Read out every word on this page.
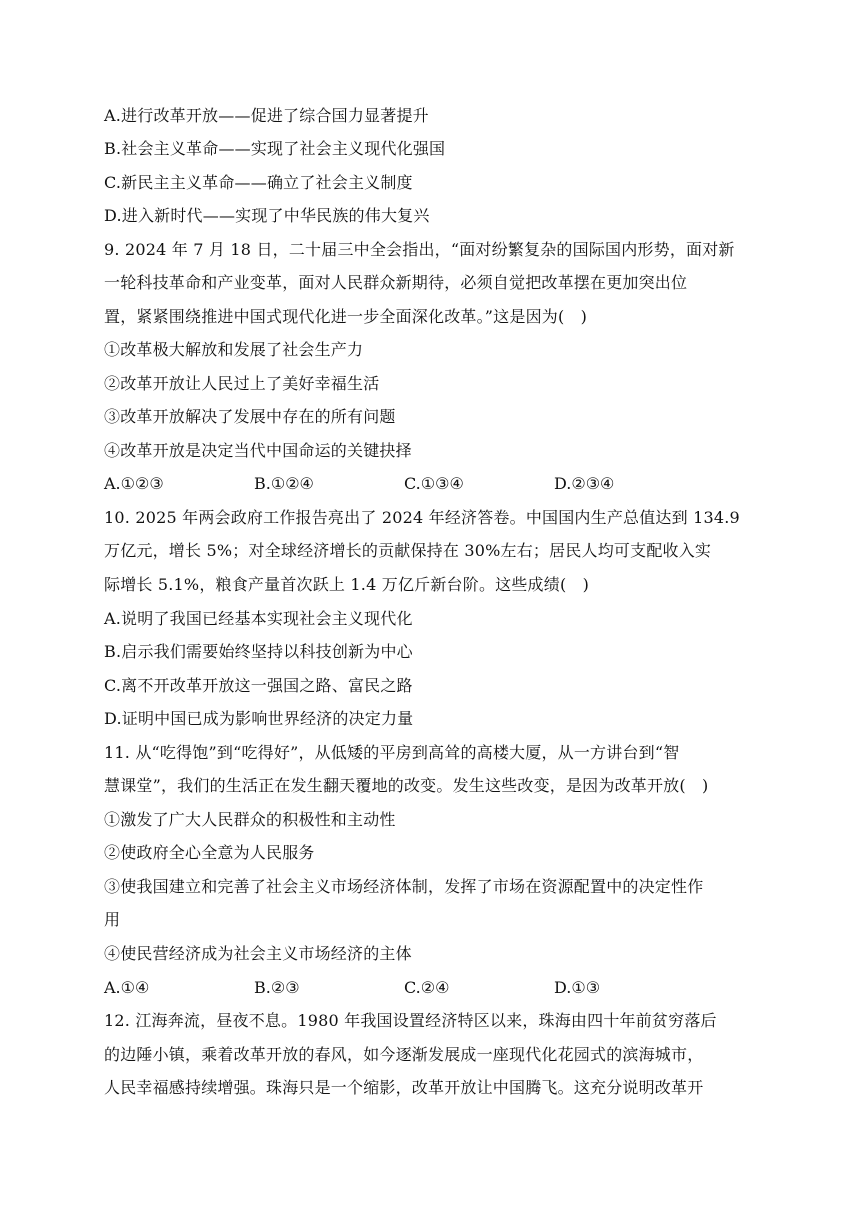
A.进行改革开放——促进了综合国力显著提升
B.社会主义革命——实现了社会主义现代化强国
C.新民主主义革命——确立了社会主义制度
D.进入新时代——实现了中华民族的伟大复兴
9. 2024 年 7 月 18 日，二十届三中全会指出，“面对纷繁复杂的国际国内形势，面对新
一轮科技革命和产业变革，面对人民群众新期待，必须自觉把改革摆在更加突出位
置，紧紧围绕推进中国式现代化进一步全面深化改革。”这是因为(　)
①改革极大解放和发展了社会生产力
②改革开放让人民过上了美好幸福生活
③改革开放解决了发展中存在的所有问题
④改革开放是决定当代中国命运的关键抉择
A.①②③	B.①②④	C.①③④	D.②③④
10. 2025 年两会政府工作报告亮出了 2024 年经济答卷。中国国内生产总值达到 134.9
万亿元，增长 5%；对全球经济增长的贡献保持在 30%左右；居民人均可支配收入实
际增长 5.1%，粮食产量首次跃上 1.4 万亿斤新台阶。这些成绩(　)
A.说明了我国已经基本实现社会主义现代化
B.启示我们需要始终坚持以科技创新为中心
C.离不开改革开放这一强国之路、富民之路
D.证明中国已成为影响世界经济的决定力量
11. 从“吃得饱”到“吃得好”，从低矮的平房到高耸的高楼大厦，从一方讲台到“智
慧课堂”，我们的生活正在发生翻天覆地的改变。发生这些改变，是因为改革开放(　)
①激发了广大人民群众的积极性和主动性
②使政府全心全意为人民服务
③使我国建立和完善了社会主义市场经济体制，发挥了市场在资源配置中的决定性作
用
④使民营经济成为社会主义市场经济的主体
A.①④	B.②③	C.②④	D.①③
12. 江海奔流，昼夜不息。1980 年我国设置经济特区以来，珠海由四十年前贫穷落后
的边陲小镇，乘着改革开放的春风，如今逐渐发展成一座现代化花园式的滨海城市，
人民幸福感持续增强。珠海只是一个缩影，改革开放让中国腾飞。这充分说明改革开
